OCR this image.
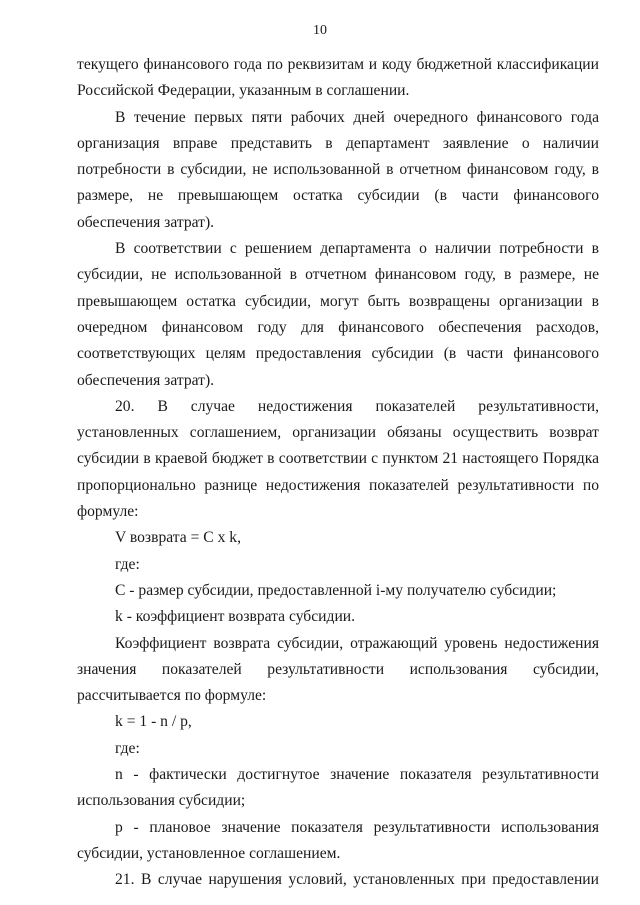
10

текущего финансового года по реквизитам и коду бюджетной классификации Российской Федерации, указанным в соглашении.

В течение первых пяти рабочих дней очередного финансового года организация вправе представить в департамент заявление о наличии потребности в субсидии, не использованной в отчетном финансовом году, в размере, не превышающем остатка субсидии (в части финансового обеспечения затрат).

В соответствии с решением департамента о наличии потребности в субсидии, не использованной в отчетном финансовом году, в размере, не превышающем остатка субсидии, могут быть возвращены организации в очередном финансовом году для финансового обеспечения расходов, соответствующих целям предоставления субсидии (в части финансового обеспечения затрат).

20. В случае недостижения показателей результативности, установленных соглашением, организации обязаны осуществить возврат субсидии в краевой бюджет в соответствии с пунктом 21 настоящего Порядка пропорционально разнице недостижения показателей результативности по формуле:

V возврата = C x k,

где:

C - размер субсидии, предоставленной i-му получателю субсидии;

k - коэффициент возврата субсидии.

Коэффициент возврата субсидии, отражающий уровень недостижения значения показателей результативности использования субсидии, рассчитывается по формуле:

k = 1 - n / p,

где:

n - фактически достигнутое значение показателя результативности использования субсидии;

p - плановое значение показателя результативности использования субсидии, установленное соглашением.

21. В случае нарушения условий, установленных при предоставлении
